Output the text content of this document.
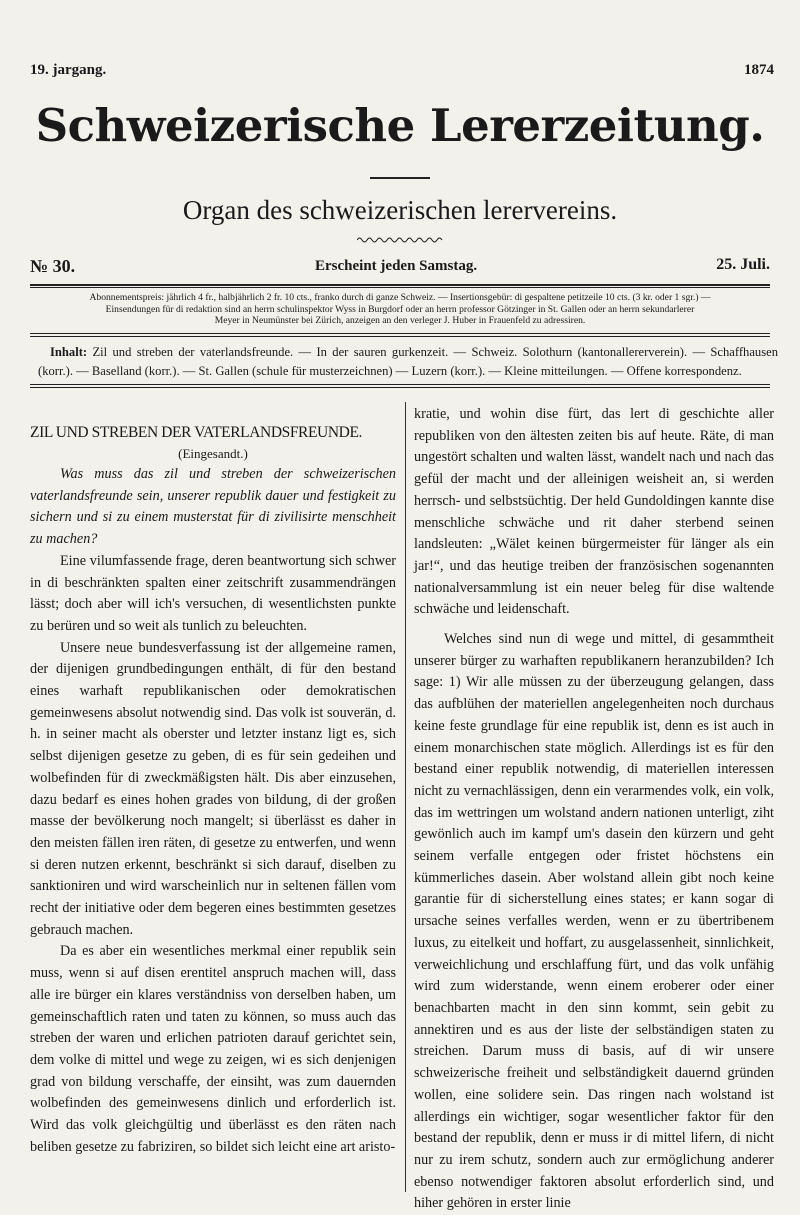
19. jargang.	1874
Schweizerische Lererzeitung.
Organ des schweizerischen lerervereins.
№ 30.	Erscheint jeden Samstag.	25. Juli.
Abonnementspreis: jährlich 4 fr., halbjährlich 2 fr. 10 cts., franko durch di ganze Schweiz. — Insertionsgebür: di gespaltene petitzeile 10 cts. (3 kr. oder 1 sgr.) —
Einsendungen für di redaktion sind an herrn schulinspektor Wyss in Burgdorf oder an herrn professor Götzinger in St. Gallen oder an herrn sekundarlerer
Meyer in Neumünster bei Zürich, anzeigen an den verleger J. Huber in Frauenfeld zu adressiren.
Inhalt: Zil und streben der vaterlandsfreunde. — In der sauren gurkenzeit. — Schweiz. Solothurn (kantonallererverein). — Schaffhausen (korr.). — Baselland (korr.). — St. Gallen (schule für musterzeichnen) — Luzern (korr.). — Kleine mitteilungen. — Offene korrespondenz.

ZIL UND STREBEN DER VATERLANDSFREUNDE.

(Eingesandt.)

Was muss das zil und streben der schweizerischen vaterlandsfreunde sein, unserer republik dauer und festigkeit zu sichern und si zu einem musterstat für di zivilisirte menschheit zu machen?

Eine vilumfassende frage, deren beantwortung sich schwer in di beschränkten spalten einer zeitschrift zusammendrängen lässt; doch aber will ich's versuchen, di wesentlichsten punkte zu berüren und so weit als tunlich zu beleuchten.

Unsere neue bundesverfassung ist der allgemeine ramen, der dijenigen grundbedingungen enthält, di für den bestand eines warhaft republikanischen oder demokratischen gemeinwesens absolut notwendig sind. Das volk ist souverän, d. h. in seiner macht als oberster und letzter instanz ligt es, sich selbst dijenigen gesetze zu geben, di es für sein gedeihen und wolbefinden für di zweckmäßigsten hält. Dis aber einzusehen, dazu bedarf es eines hohen grades von bildung, di der großen masse der bevölkerung noch mangelt; si überlässt es daher in den meisten fällen iren räten, di gesetze zu entwerfen, und wenn si deren nutzen erkennt, beschränkt si sich darauf, diselben zu sanktioniren und wird warscheinlich nur in seltenen fällen vom recht der initiative oder dem begeren eines bestimmten gesetzes gebrauch machen.

Da es aber ein wesentliches merkmal einer republik sein muss, wenn si auf disen erentitel anspruch machen will, dass alle ire bürger ein klares verständniss von derselben haben, um gemeinschaftlich raten und taten zu können, so muss auch das streben der waren und erlichen patrioten darauf gerichtet sein, dem volke di mittel und wege zu zeigen, wi es sich denjenigen grad von bildung verschaffe, der einsiht, was zum dauernden wolbefinden des gemeinwesens dinlich und erforderlich ist. Wird das volk gleichgültig und überlässt es den räten nach beliben gesetze zu fabriziren, so bildet sich leicht eine art aristo-

kratie, und wohin dise fürt, das lert di geschichte aller republiken von den ältesten zeiten bis auf heute. Räte, di man ungestört schalten und walten lässt, wandelt nach und nach das gefül der macht und der alleinigen weisheit an, si werden herrsch- und selbstsüchtig. Der held Gundoldingen kannte dise menschliche schwäche und rit daher sterbend seinen landsleuten: „Wälet keinen bürgermeister für länger als ein jar!“, und das heutige treiben der französischen sogenannten nationalversammlung ist ein neuer beleg für dise waltende schwäche und leidenschaft.

Welches sind nun di wege und mittel, di gesammtheit unserer bürger zu warhaften republikanern heranzubilden? Ich sage: 1) Wir alle müssen zu der überzeugung gelangen, dass das aufblühen der materiellen angelegenheiten noch durchaus keine feste grundlage für eine republik ist, denn es ist auch in einem monarchischen state möglich. Allerdings ist es für den bestand einer republik notwendig, di materiellen interessen nicht zu vernachlässigen, denn ein verarmendes volk, ein volk, das im wettringen um wolstand andern nationen unterligt, ziht gewönlich auch im kampf um's dasein den kürzern und geht seinem verfalle entgegen oder fristet höchstens ein kümmerliches dasein. Aber wolstand allein gibt noch keine garantie für di sicherstellung eines states; er kann sogar di ursache seines verfalles werden, wenn er zu übertribenem luxus, zu eitelkeit und hoffart, zu ausgelassenheit, sinnlichkeit, verweichlichung und erschlaffung fürt, und das volk unfähig wird zum widerstande, wenn einem eroberer oder einer benachbarten macht in den sinn kommt, sein gebit zu annektiren und es aus der liste der selbständigen staten zu streichen. Darum muss di basis, auf di wir unsere schweizerische freiheit und selbständigkeit dauernd gründen wollen, eine solidere sein. Das ringen nach wolstand ist allerdings ein wichtiger, sogar wesentlicher faktor für den bestand der republik, denn er muss ir di mittel lifern, di nicht nur zu irem schutz, sondern auch zur ermöglichung anderer ebenso notwendiger faktoren absolut erforderlich sind, und hiher gehören in erster linie
